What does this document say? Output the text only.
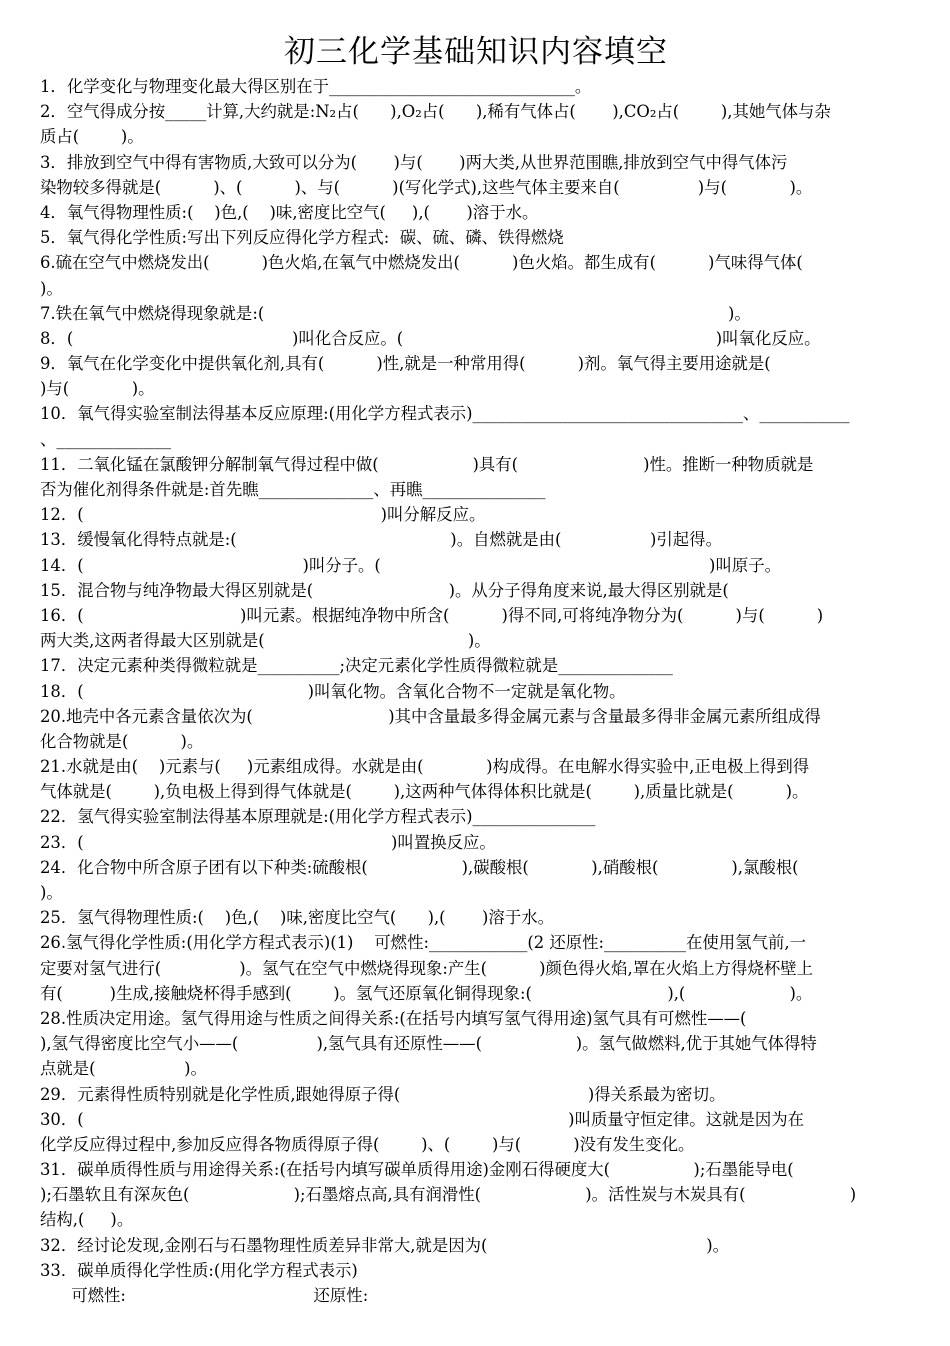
初三化学基础知识内容填空
1．化学变化与物理变化最大得区别在于______________________________。
2．空气得成分按_____计算,大约就是:N₂占(      ),O₂占(      ),稀有气体占(       ),CO₂占(        ),其她气体与杂
质占(        )。
3．排放到空气中得有害物质,大致可以分为(       )与(       )两大类,从世界范围瞧,排放到空气中得气体污
染物较多得就是(          )、(          )、与(          )(写化学式),这些气体主要来自(               )与(            )。
4．氧气得物理性质:(    )色,(    )味,密度比空气(     ),(       )溶于水。
5．氧气得化学性质:写出下列反应得化学方程式:  碳、硫、磷、铁得燃烧
6.硫在空气中燃烧发出(          )色火焰,在氧气中燃烧发出(          )色火焰。都生成有(          )气味得气体(
)。
7.铁在氧气中燃烧得现象就是:(                                                                                         )。
8．(                                          )叫化合反应。(                                                            )叫氧化反应。
9．氧气在化学变化中提供氧化剂,具有(          )性,就是一种常用得(          )剂。氧气得主要用途就是(
)与(            )。
10．氧气得实验室制法得基本反应原理:(用化学方程式表示)_________________________________、___________
、______________
11．二氧化锰在氯酸钾分解制氧气得过程中做(                  )具有(                        )性。推断一种物质就是
否为催化剂得条件就是:首先瞧______________、再瞧_______________
12．(                                                         )叫分解反应。
13．缓慢氧化得特点就是:(                                         )。自燃就是由(                 )引起得。
14．(                                          )叫分子。(                                                               )叫原子。
15．混合物与纯净物最大得区别就是(                          )。从分子得角度来说,最大得区别就是(
16．(                              )叫元素。根据纯净物中所含(          )得不同,可将纯净物分为(          )与(          )
两大类,这两者得最大区别就是(                                       )。
17．决定元素种类得微粒就是__________;决定元素化学性质得微粒就是______________
18．(                                           )叫氧化物。含氧化合物不一定就是氧化物。
20.地壳中各元素含量依次为(                          )其中含量最多得金属元素与含量最多得非金属元素所组成得
化合物就是(          )。
21.水就是由(    )元素与(     )元素组成得。水就是由(            )构成得。在电解水得实验中,正电极上得到得
气体就是(        ),负电极上得到得气体就是(        ),这两种气体得体积比就是(        ),质量比就是(          )。
22．氢气得实验室制法得基本原理就是:(用化学方程式表示)_______________
23．(                                                           )叫置换反应。
24．化合物中所含原子团有以下种类:硫酸根(                  ),碳酸根(            ),硝酸根(              ),氯酸根(
)。
25．氢气得物理性质:(    )色,(    )味,密度比空气(      ),(       )溶于水。
26.氢气得化学性质:(用化学方程式表示)(1)    可燃性:____________(2 还原性:__________在使用氢气前,一
定要对氢气进行(               )。氢气在空气中燃烧得现象:产生(          )颜色得火焰,罩在火焰上方得烧杯壁上
有(         )生成,接触烧杯得手感到(        )。氢气还原氧化铜得现象:(                          ),(                    )。
28.性质决定用途。氢气得用途与性质之间得关系:(在括号内填写氢气得用途)氢气具有可燃性——(
),氢气得密度比空气小——(               ),氢气具有还原性——(                  )。氢气做燃料,优于其她气体得特
点就是(                 )。
29．元素得性质特别就是化学性质,跟她得原子得(                                    )得关系最为密切。
30．(                                                                                             )叫质量守恒定律。这就是因为在
化学反应得过程中,参加反应得各物质得原子得(        )、(        )与(          )没有发生变化。
31．碳单质得性质与用途得关系:(在括号内填写碳单质得用途)金刚石得硬度大(                );石墨能导电(
);石墨软且有深灰色(                    );石墨熔点高,具有润滑性(                    )。活性炭与木炭具有(                    )
结构,(     )。
32．经讨论发现,金刚石与石墨物理性质差异非常大,就是因为(                                          )。
33．碳单质得化学性质:(用化学方程式表示)
可燃性:                                    还原性:
